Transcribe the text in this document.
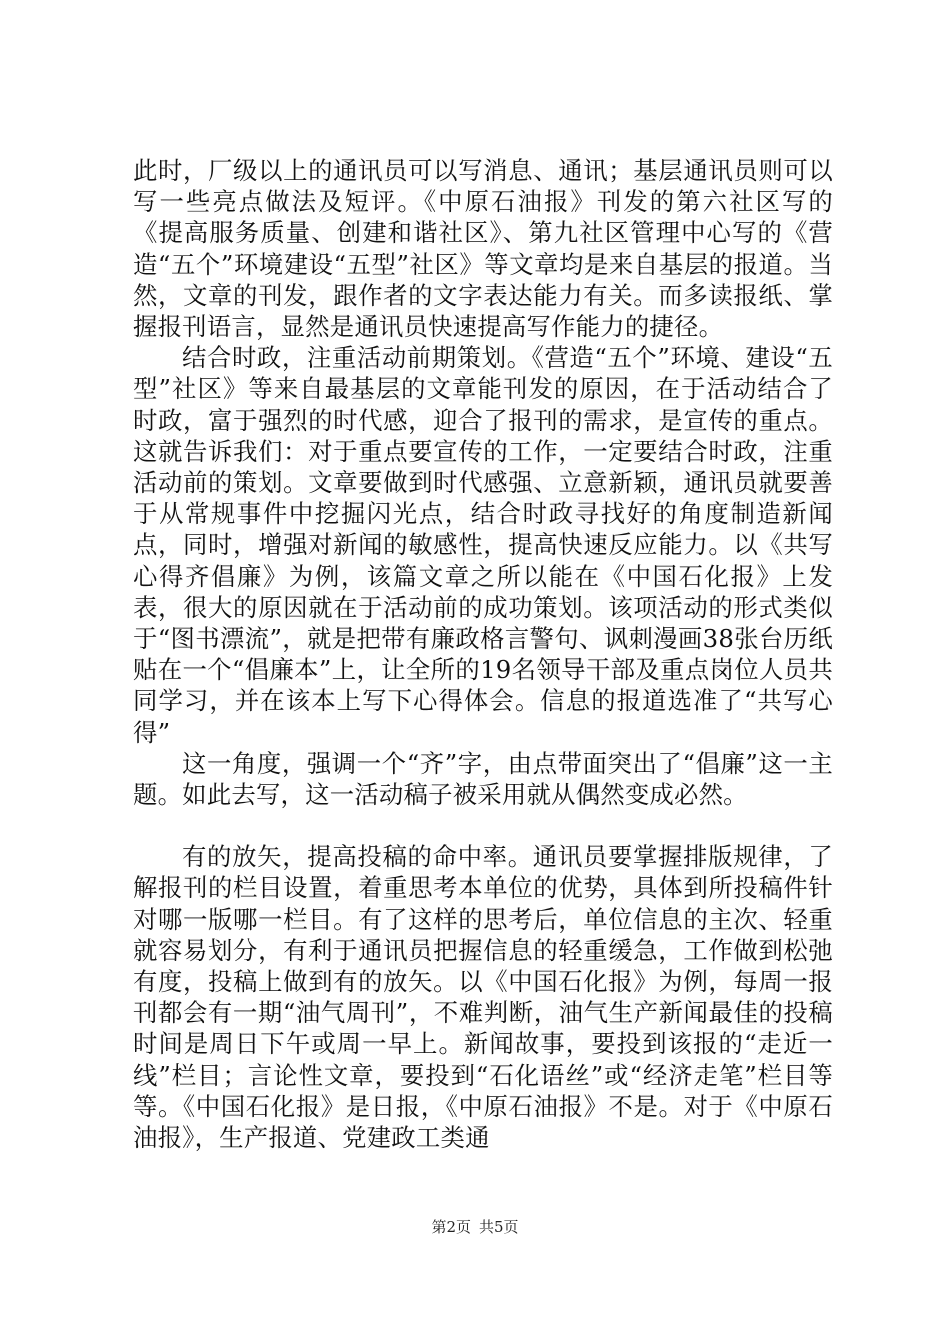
此时，厂级以上的通讯员可以写消息、通讯；基层通讯员则可以写一些亮点做法及短评。《中原石油报》刊发的第六社区写的《提高服务质量、创建和谐社区》、第九社区管理中心写的《营造“五个”环境建设“五型”社区》等文章均是来自基层的报道。当然，文章的刊发，跟作者的文字表达能力有关。而多读报纸、掌握报刊语言，显然是通讯员快速提高写作能力的捷径。

结合时政，注重活动前期策划。《营造“五个”环境、建设“五型”社区》等来自最基层的文章能刊发的原因，在于活动结合了时政，富于强烈的时代感，迎合了报刊的需求，是宣传的重点。这就告诉我们：对于重点要宣传的工作，一定要结合时政，注重活动前的策划。文章要做到时代感强、立意新颖，通讯员就要善于从常规事件中挖掘闪光点，结合时政寻找好的角度制造新闻点，同时，增强对新闻的敏感性，提高快速反应能力。以《共写心得齐倡廉》为例，该篇文章之所以能在《中国石化报》上发表，很大的原因就在于活动前的成功策划。该项活动的形式类似于“图书漂流”，就是把带有廉政格言警句、讽刺漫画38张台历纸贴在一个“倡廉本”上，让全所的19名领导干部及重点岗位人员共同学习，并在该本上写下心得体会。信息的报道选准了“共写心得”

这一角度，强调一个“齐”字，由点带面突出了“倡廉”这一主题。如此去写，这一活动稿子被采用就从偶然变成必然。

有的放矢，提高投稿的命中率。通讯员要掌握排版规律，了解报刊的栏目设置，着重思考本单位的优势，具体到所投稿件针对哪一版哪一栏目。有了这样的思考后，单位信息的主次、轻重就容易划分，有利于通讯员把握信息的轻重缓急，工作做到松弛有度，投稿上做到有的放矢。以《中国石化报》为例，每周一报刊都会有一期“油气周刊”，不难判断，油气生产新闻最佳的投稿时间是周日下午或周一早上。新闻故事，要投到该报的“走近一线”栏目；言论性文章，要投到“石化语丝”或“经济走笔”栏目等等。《中国石化报》是日报，《中原石油报》不是。对于《中原石油报》，生产报道、党建政工类通

第2页 共5页
